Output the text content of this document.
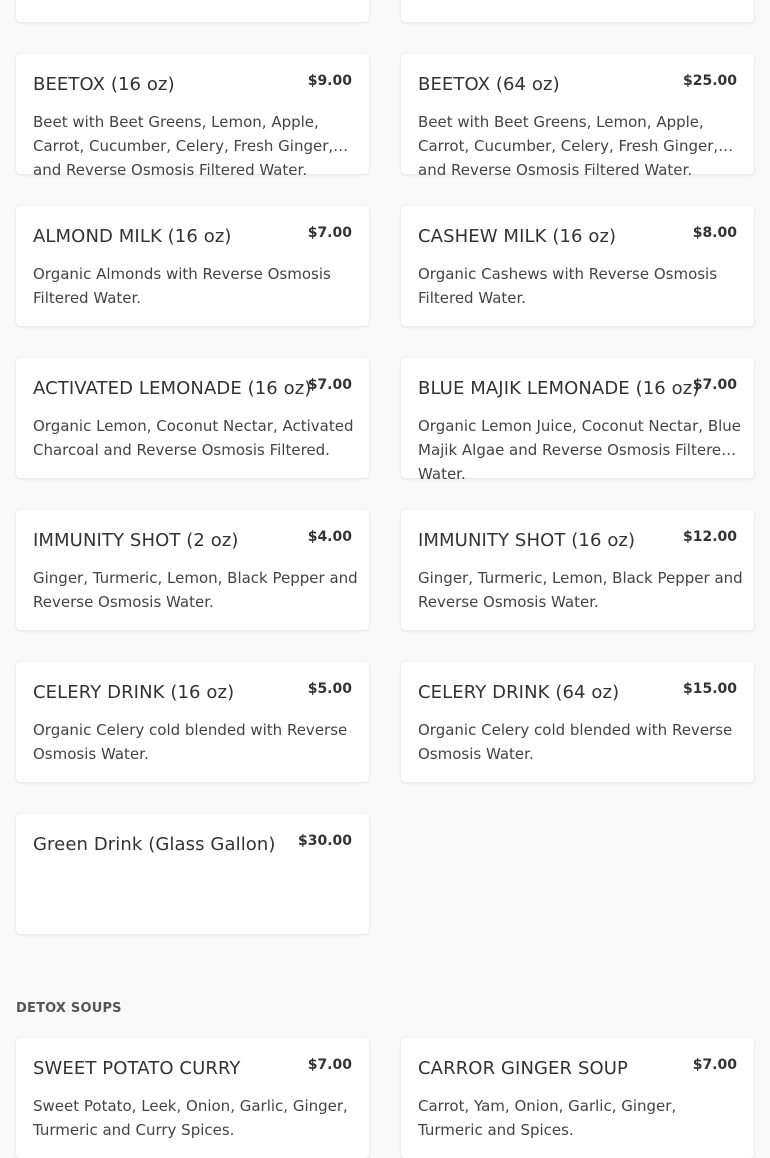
BEETOX (16 oz)	$9.00
Beet with Beet Greens, Lemon, Apple, Carrot, Cucumber, Celery, Fresh Ginger, and Reverse Osmosis Filtered Water.
BEETOX (64 oz)	$25.00
Beet with Beet Greens, Lemon, Apple, Carrot, Cucumber, Celery, Fresh Ginger, and Reverse Osmosis Filtered Water.
ALMOND MILK (16 oz)	$7.00
Organic Almonds with Reverse Osmosis Filtered Water.
CASHEW MILK (16 oz)	$8.00
Organic Cashews with Reverse Osmosis Filtered Water.
ACTIVATED LEMONADE (16 oz)
$7.00
Organic Lemon, Coconut Nectar, Activated Charcoal and Reverse Osmosis Filtered.
BLUE MAJIK LEMONADE (16 oz)
$7.00
Organic Lemon Juice, Coconut Nectar, Blue Majik Algae and Reverse Osmosis Filtered Water.
IMMUNITY SHOT (2 oz)	$4.00
Ginger, Turmeric, Lemon, Black Pepper and Reverse Osmosis Water.
IMMUNITY SHOT (16 oz)	$12.00
Ginger, Turmeric, Lemon, Black Pepper and Reverse Osmosis Water.
CELERY DRINK (16 oz)	$5.00
Organic Celery cold blended with Reverse Osmosis Water.
CELERY DRINK (64 oz)	$15.00
Organic Celery cold blended with Reverse Osmosis Water.
Green Drink (Glass Gallon) $30.00
DETOX SOUPS
SWEET POTATO CURRY	$7.00
Sweet Potato, Leek, Onion, Garlic, Ginger, Turmeric and Curry Spices.
CARROR GINGER SOUP	$7.00
Carrot, Yam, Onion, Garlic, Ginger, Turmeric and Spices.
